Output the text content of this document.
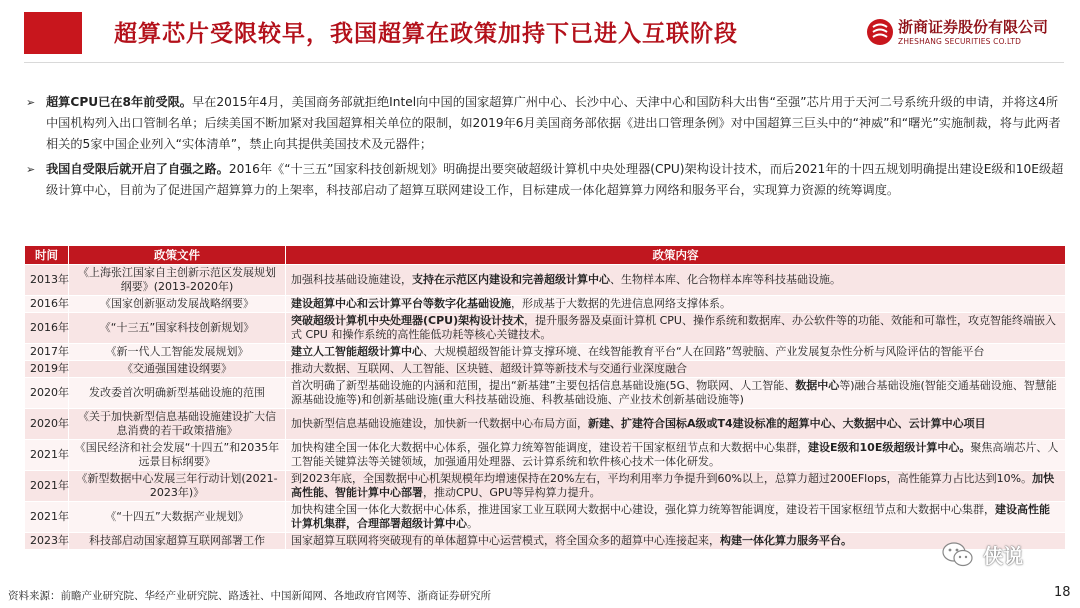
超算芯片受限较早，我国超算在政策加持下已进入互联阶段	浙商证券股份有限公司
ZHESHANG SECURITIES CO.LTD
➢ 超算CPU已在8年前受限。早在2015年4月，美国商务部就拒绝Intel向中国的国家超算广州中心、长沙中心、天津中心和国防科大出售“至强”芯片用于天河二号系统升级的申请，并将这4所中国机构列入出口管制名单；后续美国不断加紧对我国超算相关单位的限制，如2019年6月美国商务部依据《进出口管理条例》对中国超算三巨头中的“神威”和“曙光”实施制裁，将与此两者相关的5家中国企业列入“实体清单”，禁止向其提供美国技术及元器件；
➢ 我国自受限后就开启了自强之路。2016年《“十三五”国家科技创新规划》明确提出要突破超级计算机中央处理器(CPU)架构设计技术，而后2021年的十四五规划明确提出建设E级和10E级超级计算中心，目前为了促进国产超算算力的上架率，科技部启动了超算互联网建设工作，目标建成一体化超算算力网络和服务平台，实现算力资源的统筹调度。
时间	政策文件	政策内容
2013年	《上海张江国家自主创新示范区发展规划纲要》(2013-2020年)	加强科技基础设施建设，支持在示范区内建设和完善超级计算中心、生物样本库、化合物样本库等科技基础设施。
2016年	《国家创新驱动发展战略纲要》	建设超算中心和云计算平台等数字化基础设施，形成基于大数据的先进信息网络支撑体系。
2016年	《“十三五”国家科技创新规划》	突破超级计算机中央处理器(CPU)架构设计技术，提升服务器及桌面计算机 CPU、操作系统和数据库、办公软件等的功能、效能和可靠性，攻克智能终端嵌入式 CPU 和操作系统的高性能低功耗等核心关键技术。
2017年	《新一代人工智能发展规划》	建立人工智能超级计算中心、大规模超级智能计算支撑环境、在线智能教育平台“人在回路”驾驶脑、产业发展复杂性分析与风险评估的智能平台
2019年	《交通强国建设纲要》	推动大数据、互联网、人工智能、区块链、超级计算等新技术与交通行业深度融合
2020年	发改委首次明确新型基础设施的范围	首次明确了新型基础设施的内涵和范围，提出“新基建”主要包括信息基础设施(5G、物联网、人工智能、数据中心等)融合基础设施(智能交通基础设施、智慧能源基础设施等)和创新基础设施(重大科技基础设施、科教基础设施、产业技术创新基础设施等)
2020年	《关于加快新型信息基础设施建设扩大信息消费的若干政策措施》	加快新型信息基础设施建设，加快新一代数据中心布局方面，新建、扩建符合国标A级或T4建设标准的超算中心、大数据中心、云计算中心项目
2021年	《国民经济和社会发展“十四五”和2035年远景目标纲要》	加快构建全国一体化大数据中心体系，强化算力统筹智能调度，建设若干国家枢纽节点和大数据中心集群，建设E级和10E级超级计算中心。聚焦高端芯片、人工智能关键算法等关键领域，加强通用处理器、云计算系统和软件核心技术一体化研发。
2021年	《新型数据中心发展三年行动计划(2021-2023年)》	到2023年底，全国数据中心机架规模年均增速保持在20%左右，平均利用率力争提升到60%以上，总算力超过200EFlops，高性能算力占比达到10%。加快高性能、智能计算中心部署，推动CPU、GPU等异构算力提升。
2021年	《“十四五”大数据产业规划》	加快构建全国一体化大数据中心体系，推进国家工业互联网大数据中心建设，强化算力统筹智能调度，建设若干国家枢纽节点和大数据中心集群，建设高性能计算机集群，合理部署超级计算中心。
2023年	科技部启动国家超算互联网部署工作	国家超算互联网将突破现有的单体超算中心运营模式，将全国众多的超算中心连接起来，构建一体化算力服务平台。
资料来源：前瞻产业研究院、华经产业研究院、路透社、中国新闻网、各地政府官网等、浙商证券研究所	18
侠说
